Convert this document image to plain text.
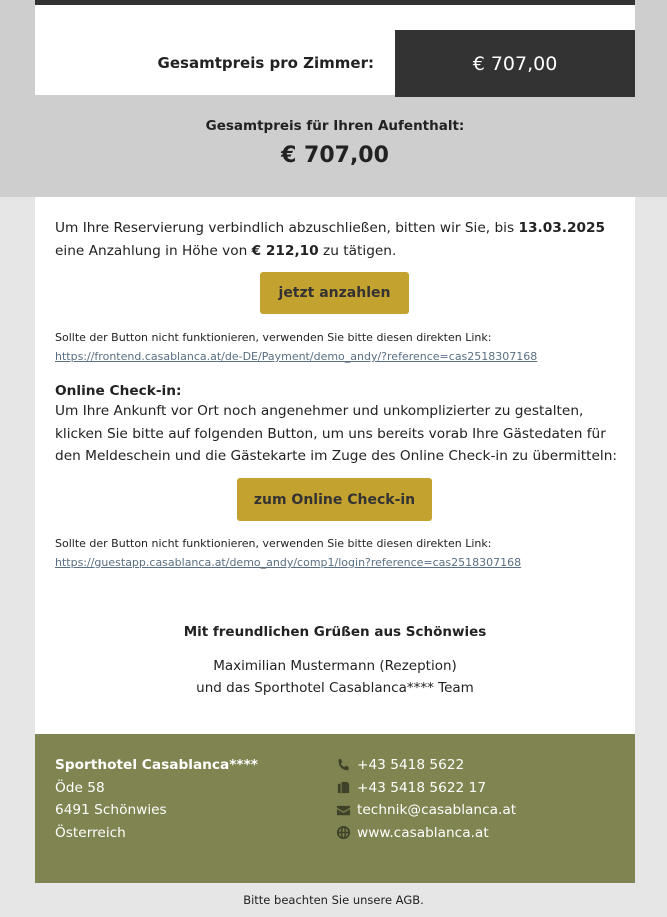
Gesamtpreis pro Zimmer:	€ 707,00
Gesamtpreis für Ihren Aufenthalt:
€ 707,00
Um Ihre Reservierung verbindlich abzuschließen, bitten wir Sie, bis 13.03.2025 eine Anzahlung in Höhe von € 212,10 zu tätigen.
jetzt anzahlen
Sollte der Button nicht funktionieren, verwenden Sie bitte diesen direkten Link:
https://frontend.casablanca.at/de-DE/Payment/demo_andy/?reference=cas2518307168
Online Check-in:
Um Ihre Ankunft vor Ort noch angenehmer und unkomplizierter zu gestalten, klicken Sie bitte auf folgenden Button, um uns bereits vorab Ihre Gästedaten für den Meldeschein und die Gästekarte im Zuge des Online Check-in zu übermitteln:
zum Online Check-in
Sollte der Button nicht funktionieren, verwenden Sie bitte diesen direkten Link:
https://guestapp.casablanca.at/demo_andy/comp1/login?reference=cas2518307168
Mit freundlichen Grüßen aus Schönwies
Maximilian Mustermann (Rezeption)
und das Sporthotel Casablanca**** Team
Sporthotel Casablanca****
Öde 58
6491 Schönwies
Österreich
+43 5418 5622
+43 5418 5622 17
technik@casablanca.at
www.casablanca.at
Bitte beachten Sie unsere AGB.
